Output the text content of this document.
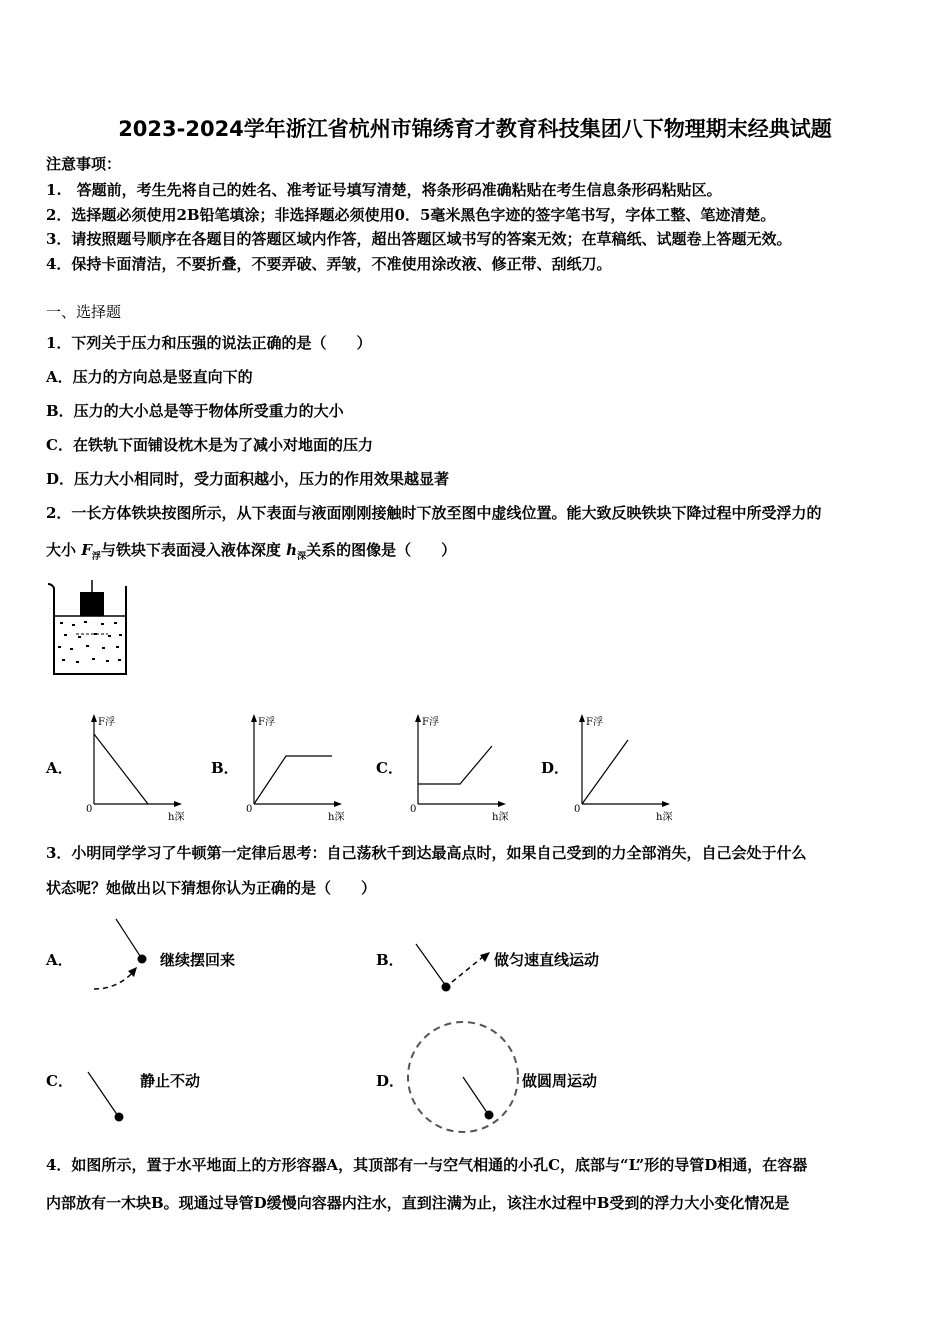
2023-2024学年浙江省杭州市锦绣育才教育科技集团八下物理期末经典试题
注意事项：
1.　答题前，考生先将自己的姓名、准考证号填写清楚，将条形码准确粘贴在考生信息条形码粘贴区。
2．选择题必须使用2B铅笔填涂；非选择题必须使用0．5毫米黑色字迹的签字笔书写，字体工整、笔迹清楚。
3．请按照题号顺序在各题目的答题区域内作答，超出答题区域书写的答案无效；在草稿纸、试题卷上答题无效。
4．保持卡面清洁，不要折叠，不要弄破、弄皱，不准使用涂改液、修正带、刮纸刀。
一、选择题
1．下列关于压力和压强的说法正确的是（　　）
A．压力的方向总是竖直向下的
B．压力的大小总是等于物体所受重力的大小
C．在铁轨下面铺设枕木是为了减小对地面的压力
D．压力大小相同时，受力面积越小，压力的作用效果越显著
2．一长方体铁块按图所示，从下表面与液面刚刚接触时下放至图中虚线位置。能大致反映铁块下降过程中所受浮力的
大小 $F_浮$与铁块下表面浸入液体深度 $h_深$关系的图像是（　　）
A．
F浮
0
h深
B．
F浮
0
h深
C．
F浮
0
h深
D．
F浮
0
h深
3．小明同学学习了牛顿第一定律后思考：自己荡秋千到达最高点时，如果自己受到的力全部消失，自己会处于什么
状态呢？她做出以下猜想你认为正确的是（　　）
A．	继续摆回来	B．	做匀速直线运动
C．	静止不动	D．	做圆周运动
4．如图所示，置于水平地面上的方形容器A，其顶部有一与空气相通的小孔C，底部与“L”形的导管D相通，在容器
内部放有一木块B。现通过导管D缓慢向容器内注水，直到注满为止，该注水过程中B受到的浮力大小变化情况是
